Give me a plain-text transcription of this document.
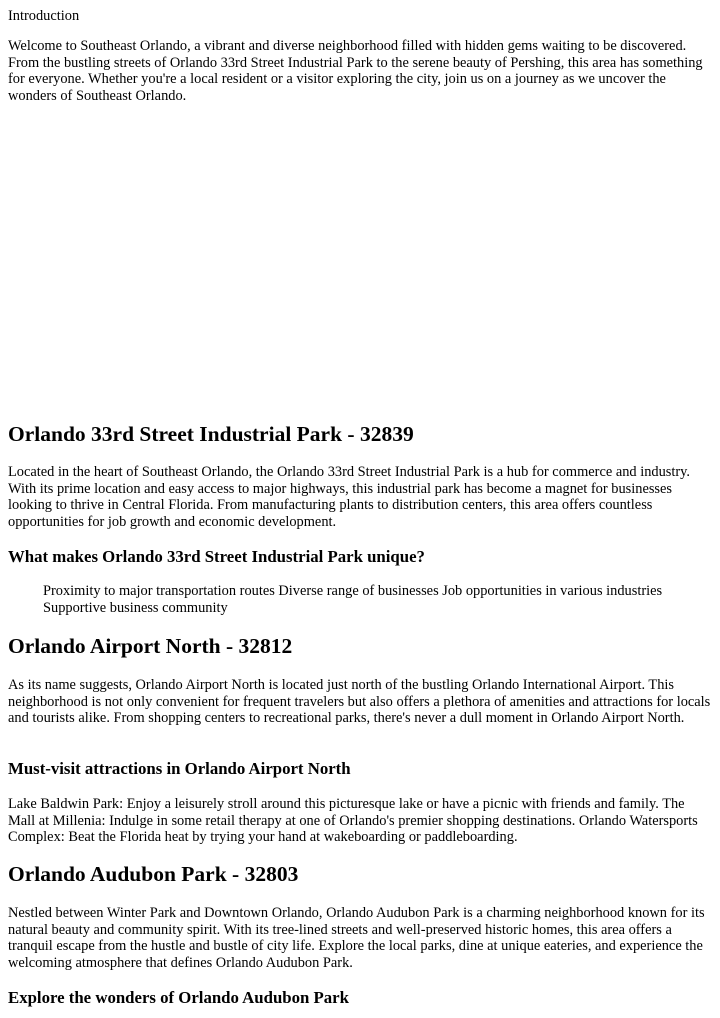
Introduction

Welcome to Southeast Orlando, a vibrant and diverse neighborhood filled with hidden gems waiting to be discovered. From the bustling streets of Orlando 33rd Street Industrial Park to the serene beauty of Pershing, this area has something for everyone. Whether you're a local resident or a visitor exploring the city, join us on a journey as we uncover the wonders of Southeast Orlando.

Orlando 33rd Street Industrial Park - 32839

Located in the heart of Southeast Orlando, the Orlando 33rd Street Industrial Park is a hub for commerce and industry. With its prime location and easy access to major highways, this industrial park has become a magnet for businesses looking to thrive in Central Florida. From manufacturing plants to distribution centers, this area offers countless opportunities for job growth and economic development.

What makes Orlando 33rd Street Industrial Park unique?

Proximity to major transportation routes Diverse range of businesses Job opportunities in various industries Supportive business community

Orlando Airport North - 32812

As its name suggests, Orlando Airport North is located just north of the bustling Orlando International Airport. This neighborhood is not only convenient for frequent travelers but also offers a plethora of amenities and attractions for locals and tourists alike. From shopping centers to recreational parks, there's never a dull moment in Orlando Airport North.

Must-visit attractions in Orlando Airport North

Lake Baldwin Park: Enjoy a leisurely stroll around this picturesque lake or have a picnic with friends and family. The Mall at Millenia: Indulge in some retail therapy at one of Orlando's premier shopping destinations. Orlando Watersports Complex: Beat the Florida heat by trying your hand at wakeboarding or paddleboarding.

Orlando Audubon Park - 32803

Nestled between Winter Park and Downtown Orlando, Orlando Audubon Park is a charming neighborhood known for its natural beauty and community spirit. With its tree-lined streets and well-preserved historic homes, this area offers a tranquil escape from the hustle and bustle of city life. Explore the local parks, dine at unique eateries, and experience the welcoming atmosphere that defines Orlando Audubon Park.

Explore the wonders of Orlando Audubon Park
